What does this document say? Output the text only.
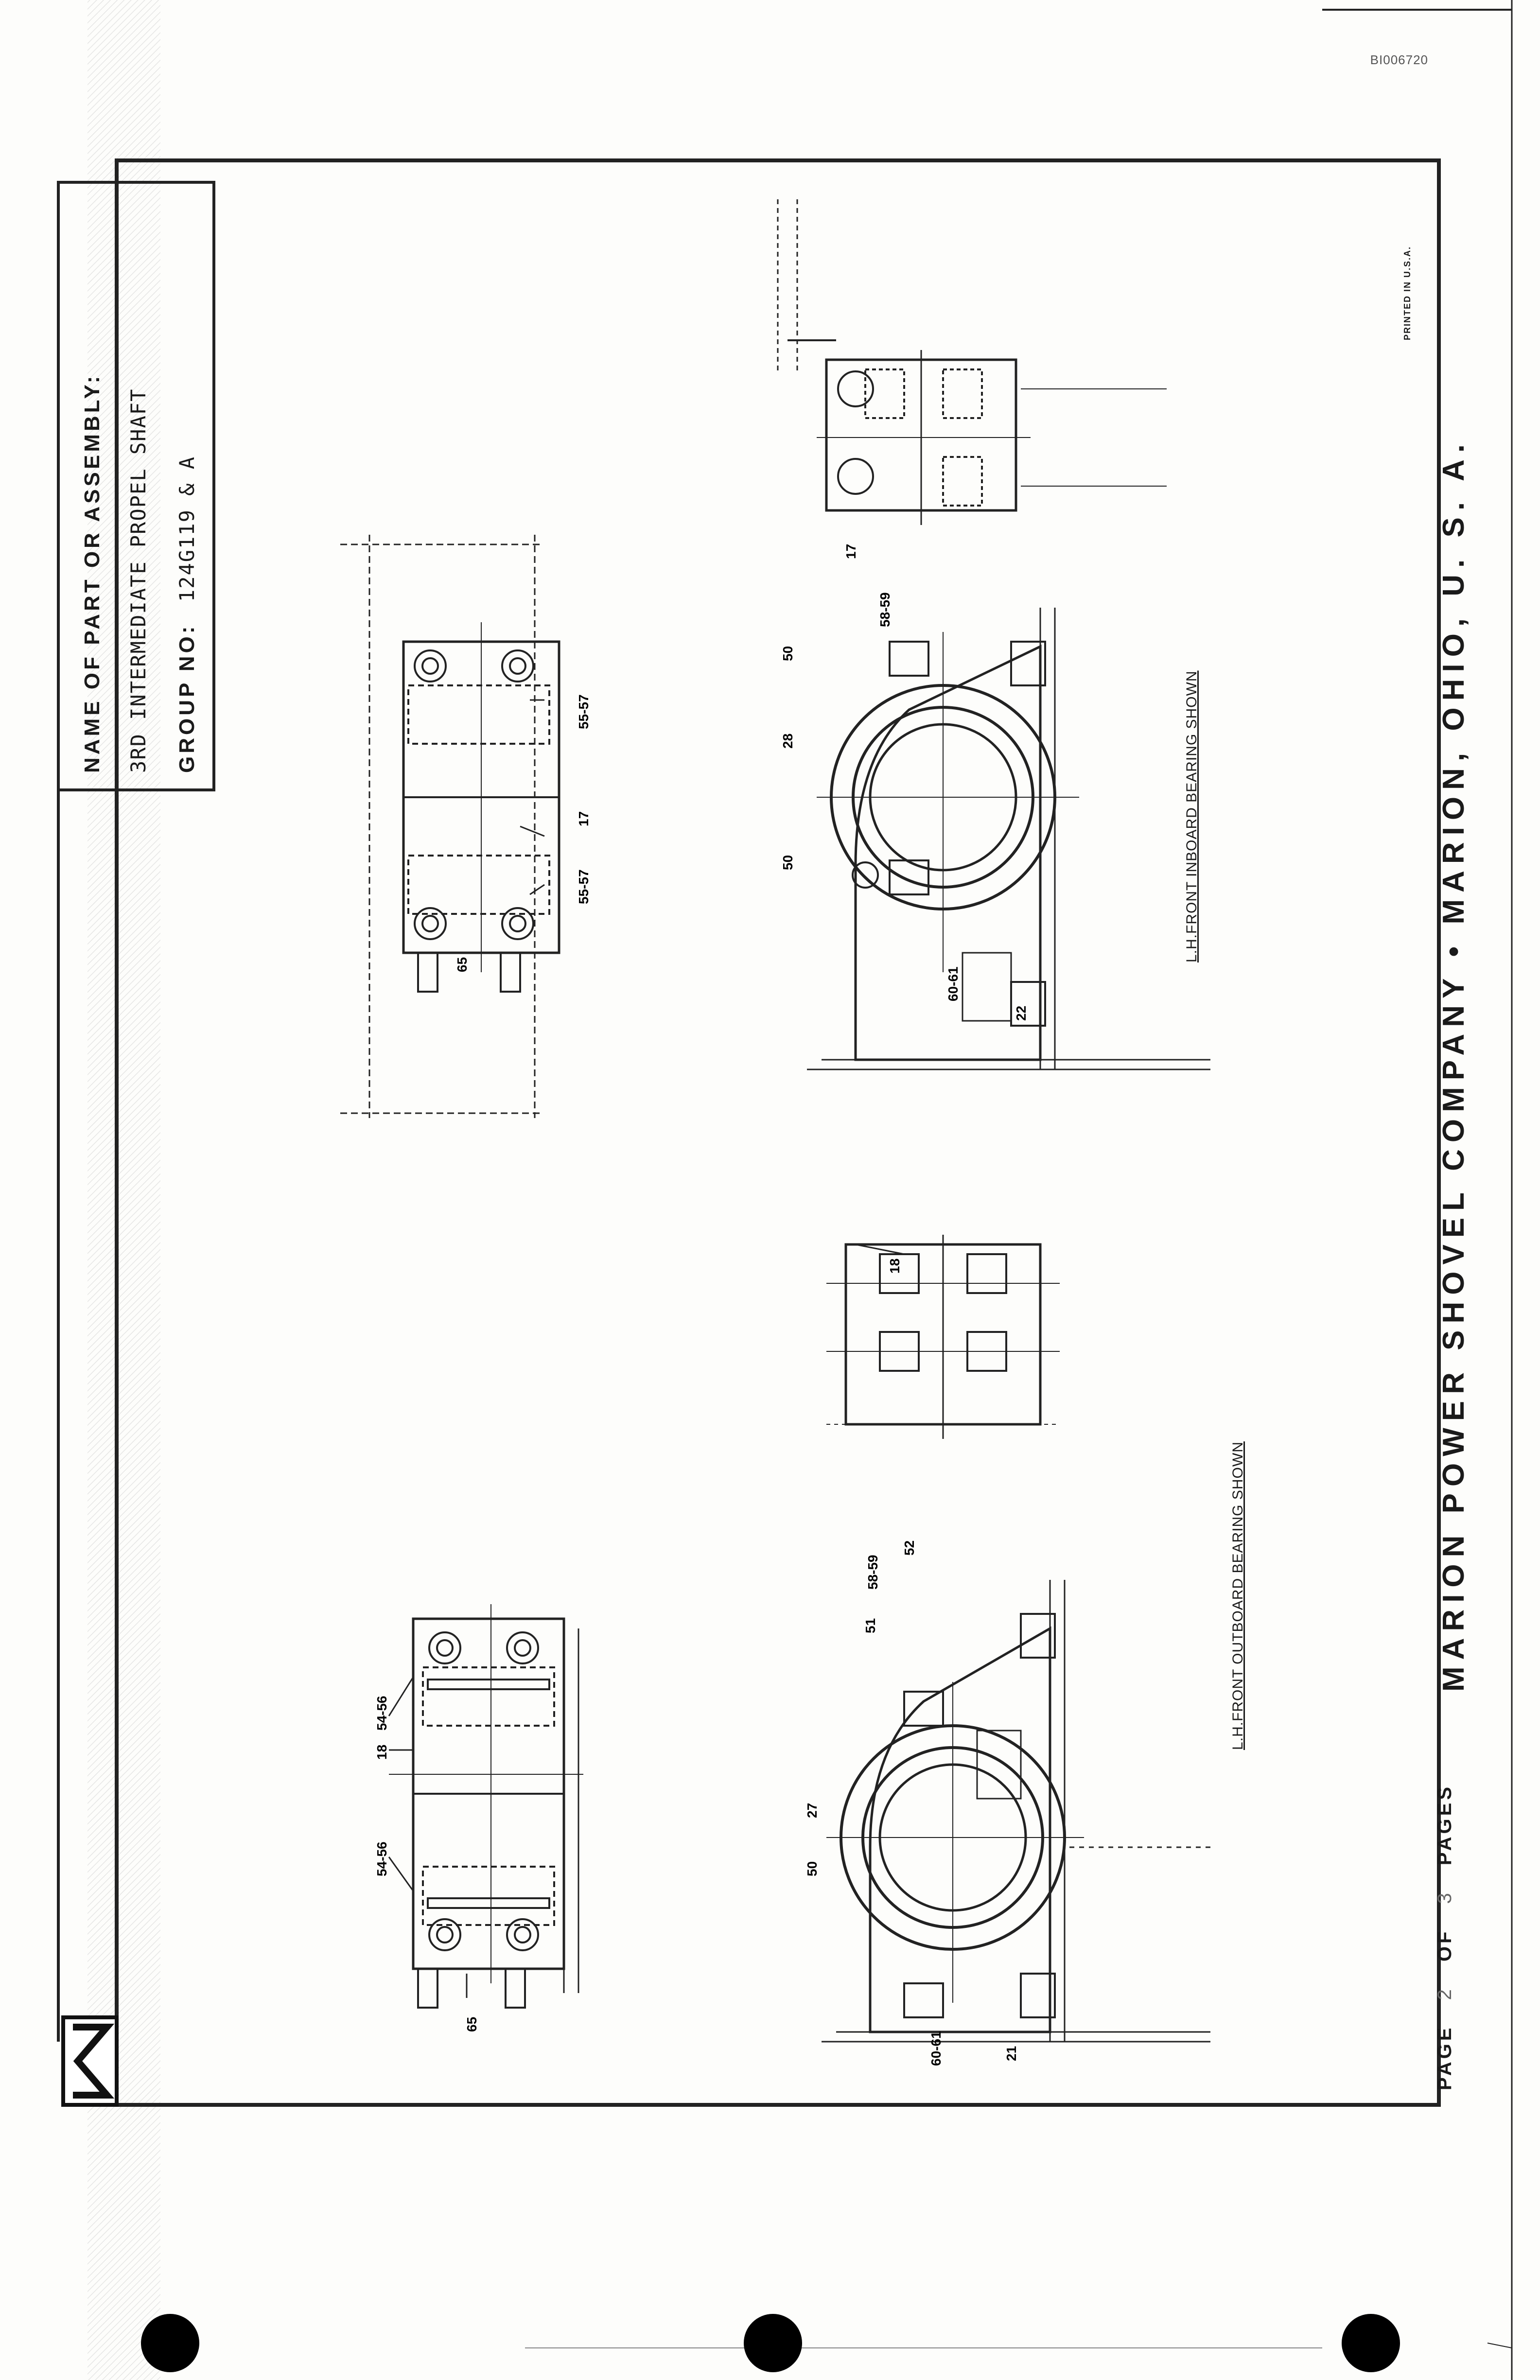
BI006720
54-56
18
54-56
65
50
27
60-61	21
51
58-59
52
18
55-57
17
55-57
65
50
28
50
60-61
22
58-59
17
NAME OF PART OR ASSEMBLY: 3RD INTERMEDIATE PROPEL SHAFT GROUP NO: 124G119 & A
PAGE 2 OF 3 PAGES
MARION POWER SHOVEL COMPANY • MARION, OHIO, U. S. A.
L.H.FRONT OUTBOARD BEARING SHOWN
L.H.FRONT INBOARD BEARING SHOWN
PRINTED IN U.S.A.
